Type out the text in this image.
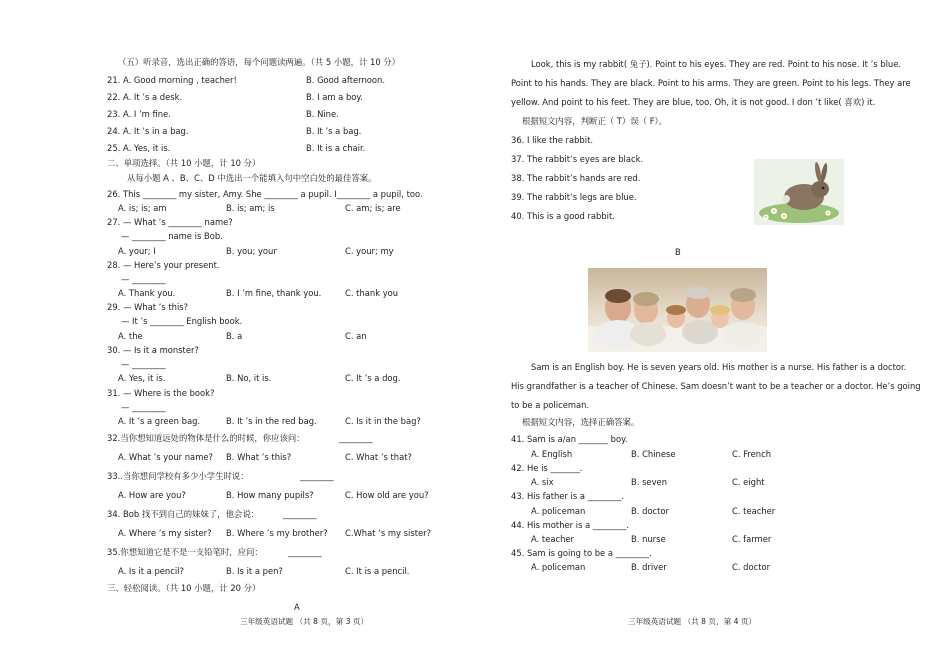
（五）听录音，选出正确的答语，每个问题读两遍。（共 5 小题，计 10 分）
21. A. Good morning , teacher!	B. Good afternoon.
22. A. It ’s a desk.	B. I am a boy.
23. A. I ’m fine.	B. Nine.
24. A. It ’s in a bag.	B. It ’s a bag.
25. A. Yes, it is.	B. It is a chair.
二、单项选择。（共 10 小题，计 10 分）
从每小题 A 、B、C、D 中选出一个能填入句中空白处的最佳答案。
26. This ________ my sister, Amy. She ________ a pupil. I________ a pupil, too.
A. is; is; am	B. is; am; is	C. am; is; are
27. — What ’s ________ name?
— ________ name is Bob.
A. your; I	B. you; your	C. your; my
28. — Here’s your present.
— ________
A. Thank you.	B. I ’m fine, thank you.	C. thank you
29. — What ’s this?
— It ’s ________ English book.
A. the	B. a	C. an
30. — Is it a monster?
— ________
A. Yes, it is.	B. No, it is.	C. It ’s a dog.
31. — Where is the book?
— ________
A. It ’s a green bag.	B. It ’s in the red bag.	C. Is it in the bag?
32.当你想知道远处的物体是什么的时候，你应该问：	________
A. What ’s your name? B. What ’s this?	C. What ’s that?
33..当你想问学校有多少小学生时说：	________
A. How are you?	B. How many pupils?	C. How old are you?
34. Bob 找不到自己的妹妹了，他会说：	________
A. Where ’s my sister? B. Where ’s my brother? C.What ’s my sister?
35.你想知道它是不是一支铅笔时，应问：	________
A. Is it a pencil?	B. Is it a pen?	C. It is a pencil.
三、轻松阅读。（共 10 小题，计 20 分）
A
三年级英语试题 （共 8 页，第 3 页）
Look, this is my rabbit( 兔子). Point to his eyes. They are red. Point to his nose. It ’s blue.
Point to his hands. They are black. Point to his arms. They are green. Point to his legs. They are
yellow. And point to his feet. They are blue, too. Oh, it is not good. I don ’t like( 喜欢) it.
根据短文内容，判断正（ T）误（ F）。
36. I like the rabbit.
37. The rabbit’s eyes are black.
38. The rabbit’s hands are red.
39. The rabbit’s legs are blue.
40. This is a good rabbit.
B
Sam is an English boy. He is seven years old. His mother is a nurse. His father is a doctor.
His grandfather is a teacher of Chinese. Sam doesn’t want to be a teacher or a doctor. He’s going
to be a policeman.
根据短文内容，选择正确答案。
41. Sam is a/an _______ boy.
A. English	B. Chinese	C. French
42. He is _______.
A. six	B. seven	C. eight
43. His father is a ________.
A. policeman	B. doctor	C. teacher
44. His mother is a ________.
A. teacher	B. nurse	C. farmer
45. Sam is going to be a ________.
A. policeman	B. driver	C. doctor
三年级英语试题 （共 8 页，第 4 页）
